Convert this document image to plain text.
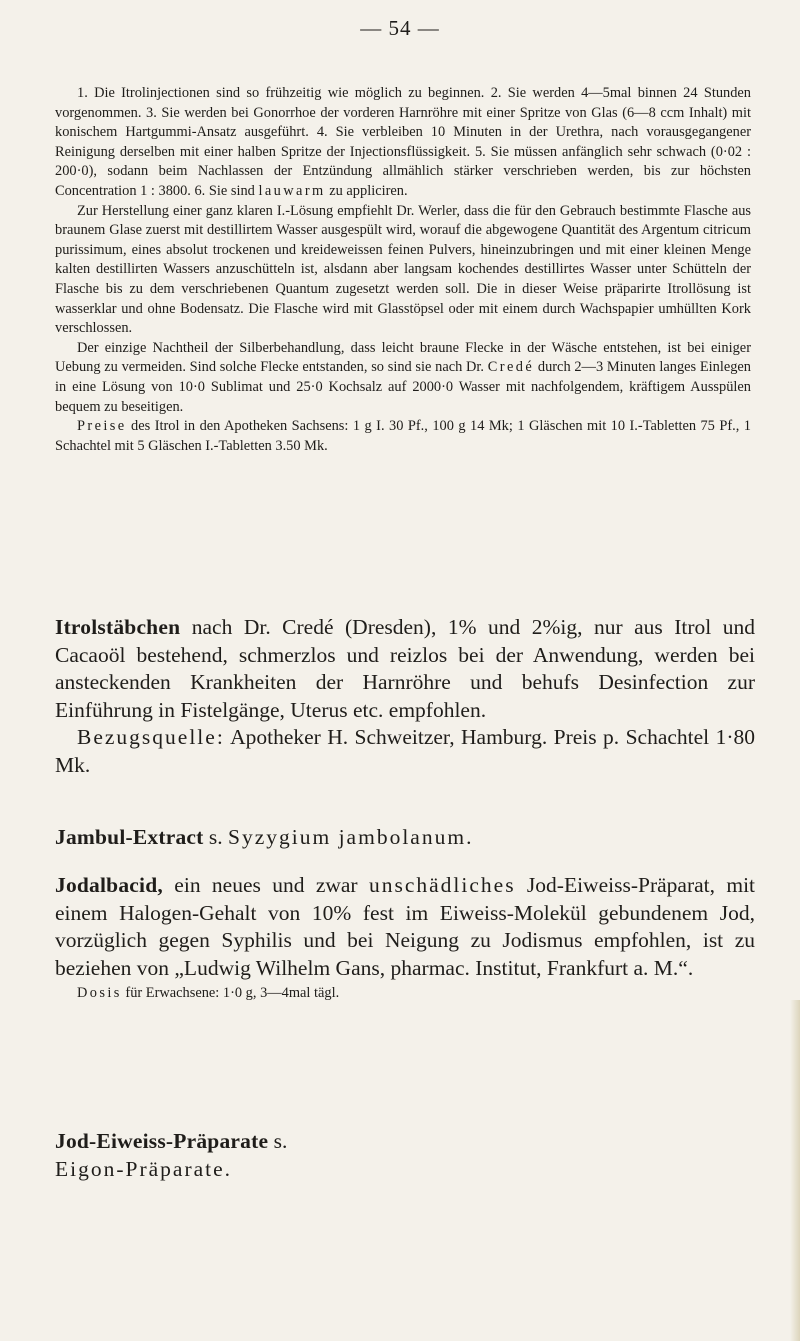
— 54 —

1. Die Itrolinjectionen sind so frühzeitig wie möglich zu beginnen. 2. Sie werden 4—5mal binnen 24 Stunden vorgenommen. 3. Sie werden bei Gonorrhoe der vorderen Harnröhre mit einer Spritze von Glas (6—8 ccm Inhalt) mit konischem Hartgummi-Ansatz ausgeführt. 4. Sie verbleiben 10 Minuten in der Urethra, nach vorausgegangener Reinigung derselben mit einer halben Spritze der Injectionsflüssigkeit. 5. Sie müssen anfänglich sehr schwach (0·02 : 200·0), sodann beim Nachlassen der Entzündung allmählich stärker verschrieben werden, bis zur höchsten Concentration 1 : 3800. 6. Sie sind lauwarm zu appliciren.

Zur Herstellung einer ganz klaren I.-Lösung empfiehlt Dr. Werler, dass die für den Gebrauch bestimmte Flasche aus braunem Glase zuerst mit destillirtem Wasser ausgespült wird, worauf die abgewogene Quantität des Argentum citricum purissimum, eines absolut trockenen und kreideweissen feinen Pulvers, hineinzubringen und mit einer kleinen Menge kalten destillirten Wassers anzuschütteln ist, alsdann aber langsam kochendes destillirtes Wasser unter Schütteln der Flasche bis zu dem verschriebenen Quantum zugesetzt werden soll. Die in dieser Weise präparirte Itrollösung ist wasserklar und ohne Bodensatz. Die Flasche wird mit Glasstöpsel oder mit einem durch Wachspapier umhüllten Kork verschlossen.

Der einzige Nachtheil der Silberbehandlung, dass leicht braune Flecke in der Wäsche entstehen, ist bei einiger Uebung zu vermeiden. Sind solche Flecke entstanden, so sind sie nach Dr. Credé durch 2—3 Minuten langes Einlegen in eine Lösung von 10·0 Sublimat und 25·0 Kochsalz auf 2000·0 Wasser mit nachfolgendem, kräftigem Ausspülen bequem zu beseitigen.

Preise des Itrol in den Apotheken Sachsens: 1 g I. 30 Pf., 100 g 14 Mk; 1 Gläschen mit 10 I.-Tabletten 75 Pf., 1 Schachtel mit 5 Gläschen I.-Tabletten 3.50 Mk.

Itrolstäbchen nach Dr. Credé (Dresden), 1% und 2%ig, nur aus Itrol und Cacaoöl bestehend, schmerzlos und reizlos bei der Anwendung, werden bei ansteckenden Krankheiten der Harnröhre und behufs Desinfection zur Einführung in Fistelgänge, Uterus etc. empfohlen.

Bezugsquelle: Apotheker H. Schweitzer, Hamburg. Preis p. Schachtel 1·80 Mk.

Jambul-Extract s. Syzygium jambolanum.

Jodalbacid, ein neues und zwar unschädliches Jod-Eiweiss-Präparat, mit einem Halogen-Gehalt von 10% fest im Eiweiss-Molekül gebundenem Jod, vorzüglich gegen Syphilis und bei Neigung zu Jodismus empfohlen, ist zu beziehen von „Ludwig Wilhelm Gans, pharmac. Institut, Frankfurt a. M.“.

Dosis für Erwachsene: 1·0 g, 3—4mal tägl.

Jod-Eiweiss-Präparate s.
Eigon-Präparate.
